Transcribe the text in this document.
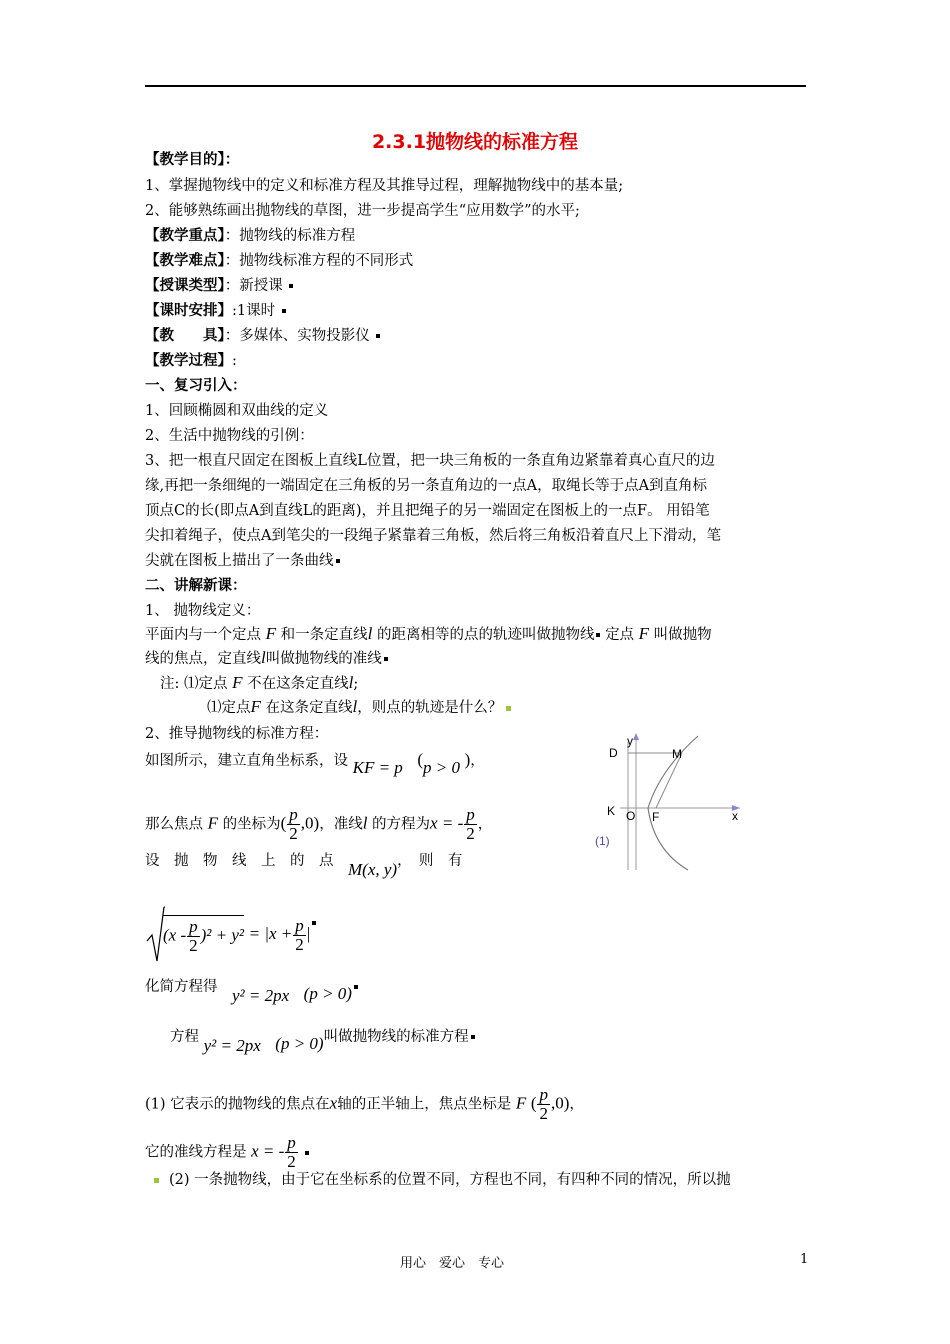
2.3.1抛物线的标准方程
【教学目的】：
1、掌握抛物线中的定义和标准方程及其推导过程，理解抛物线中的基本量;
2、能够熟练画出抛物线的草图，进一步提高学生“应用数学”的水平;
【教学重点】：抛物线的标准方程
【教学难点】：抛物线标准方程的不同形式
【授课类型】：新授课
【课时安排】:1课时
【教　　具】：多媒体、实物投影仪
【教学过程】:
一、复习引入：
1、回顾椭圆和双曲线的定义
2、生活中抛物线的引例：
3、把一根直尺固定在图板上直线L位置，把一块三角板的一条直角边紧靠着真心直尺的边
缘,再把一条细绳的一端固定在三角板的另一条直角边的一点A，取绳长等于点A到直角标
顶点C的长(即点A到直线L的距离)，并且把绳子的另一端固定在图板上的一点F。 用铅笔
尖扣着绳子，使点A到笔尖的一段绳子紧靠着三角板，然后将三角板沿着直尺上下滑动，笔
尖就在图板上描出了一条曲线
二、讲解新课：
1、 抛物线定义：
平面内与一个定点 F 和一条定直线l 的距离相等的点的轨迹叫做抛物线 定点 F 叫做抛物
线的焦点，定直线l叫做抛物线的准线
注: ⑴定点 F 不在这条定直线l;
⑴定点F 在这条定直线l，则点的轨迹是什么？
2、推导抛物线的标准方程：
如图所示，建立直角坐标系，设 KF = p　 (p > 0 )，
那么焦点 F 的坐标为( $\frac{p}{2} ,0$)，准线l 的方程为x = - $\frac{p}{2}$ ，
设　抛　物　线　上　的　点　 M(x, y)，　则　有
$(x - \frac{p}{2} )^2 + y^2 = |x + \frac{p}{2}$ |
化简方程得　 y² = 2px　 (p > 0)
方程 y² = 2px　 (p > 0)叫做抛物线的标准方程
(1) 它表示的抛物线的焦点在x轴的正半轴上，焦点坐标是 F ( $\frac{p}{2} ,0$)，
它的准线方程是 x = - $\frac{p}{2}$

(2) 一条抛物线，由于它在坐标系的位置不同，方程也不同，有四种不同的情况，所以抛
y
D	M
K O F	x
(1)
用心　爱心　专心	1
